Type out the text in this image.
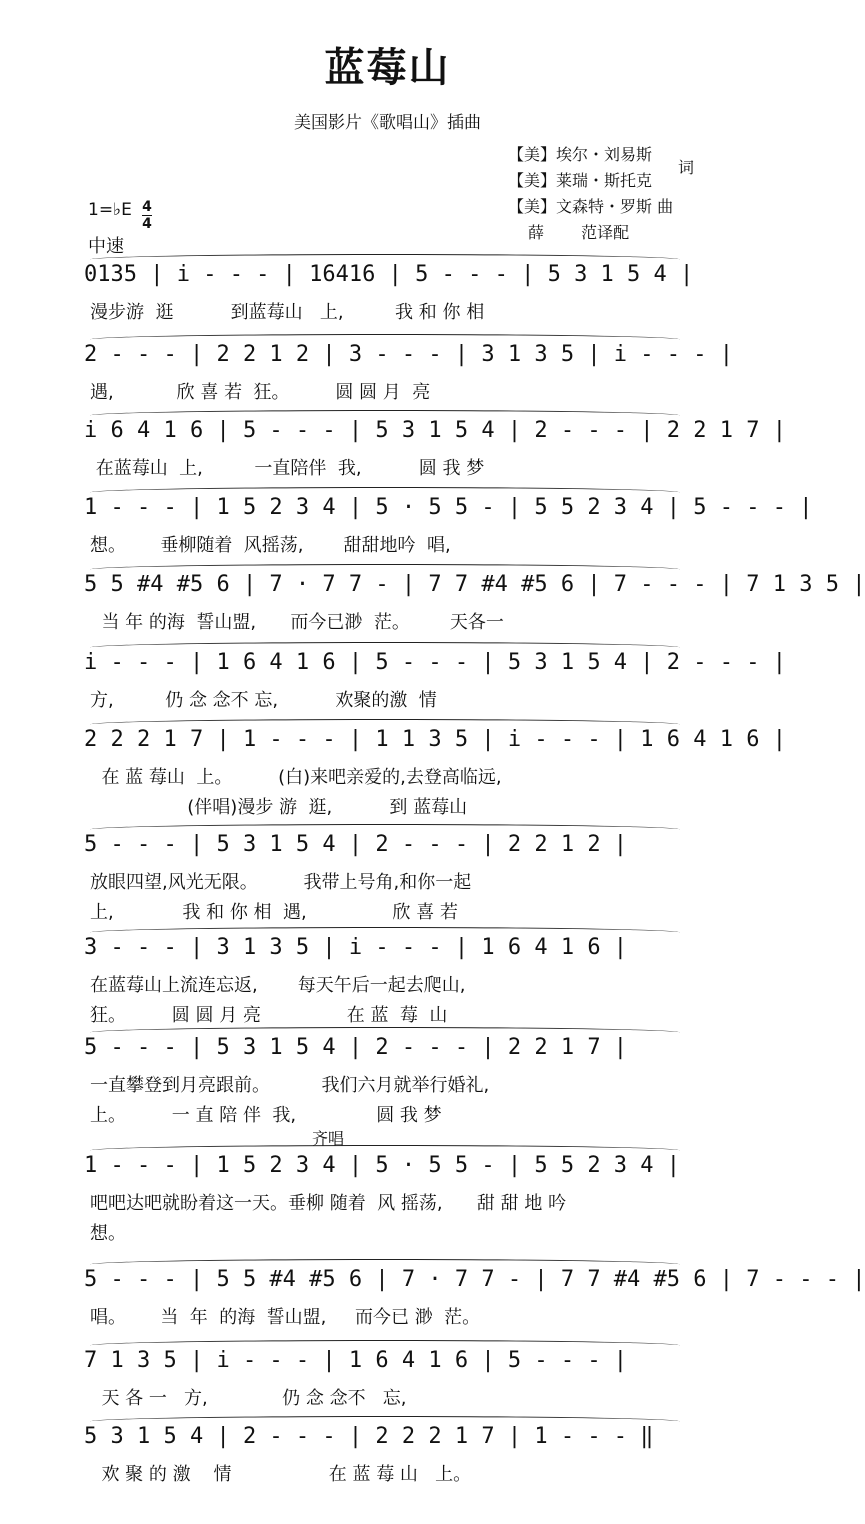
蓝莓山
美国影片《歌唱山》插曲
【美】埃尔・刘易斯
【美】莱瑞・斯托克
【美】文森特・罗斯 曲
薛　　 范译配
词
1=♭E 4
4
中速
0135 | i - - - | 16416 | 5 - - - | 5 3 1 5 4 |
漫步游  逛          到蓝莓山   上,         我 和 你 相
2 - - - | 2 2 1 2 | 3 - - - | 3 1 3 5 | i - - - |
遇,           欣 喜 若  狂。        圆 圆 月  亮
i 6 4 1 6 | 5 - - - | 5 3 1 5 4 | 2 - - - | 2 2 1 7 |
在蓝莓山  上,         一直陪伴  我,          圆 我 梦
1 - - - | 1 5 2 3 4 | 5 · 5 5 - | 5 5 2 3 4 | 5 - - - |
想。      垂柳随着  风摇荡,       甜甜地吟  唱,
5 5 #4 #5 6 | 7 · 7 7 - | 7 7 #4 #5 6 | 7 - - - | 7 1 3 5 |
当 年 的海  誓山盟,      而今已渺  茫。       天各一
i - - - | 1 6 4 1 6 | 5 - - - | 5 3 1 5 4 | 2 - - - |
方,         仍 念 念不 忘,          欢聚的激  情
2 2 2 1 7 | 1 - - - | 1 1 3 5 | i - - - | 1 6 4 1 6 |
在 蓝 莓山  上。        (白)来吧亲爱的,去登高临远,
(伴唱)漫步 游  逛,          到 蓝莓山
5 - - - | 5 3 1 5 4 | 2 - - - | 2 2 1 2 |
放眼四望,风光无限。        我带上号角,和你一起
上,            我 和 你 相  遇,               欣 喜 若
3 - - - | 3 1 3 5 | i - - - | 1 6 4 1 6 |
在蓝莓山上流连忘返,       每天午后一起去爬山,
狂。        圆 圆 月 亮               在 蓝  莓  山
5 - - - | 5 3 1 5 4 | 2 - - - | 2 2 1 7 |
一直攀登到月亮跟前。         我们六月就举行婚礼,
上。        一 直 陪 伴  我,              圆 我 梦
1 - - - | 1 5 2 3 4 | 5 · 5 5 - | 5 5 2 3 4 |
吧吧达吧就盼着这一天。垂柳 随着  风 摇荡,      甜 甜 地 吟
想。
5 - - - | 5 5 #4 #5 6 | 7 · 7 7 - | 7 7 #4 #5 6 | 7 - - - |
唱。      当  年  的海  誓山盟,     而今已 渺  茫。
7 1 3 5 | i - - - | 1 6 4 1 6 | 5 - - - |
天 各 一   方,             仍 念 念不   忘,
5 3 1 5 4 | 2 - - - | 2 2 2 1 7 | 1 - - - ‖
欢 聚 的 激    情                 在 蓝 莓 山   上。
齐唱
